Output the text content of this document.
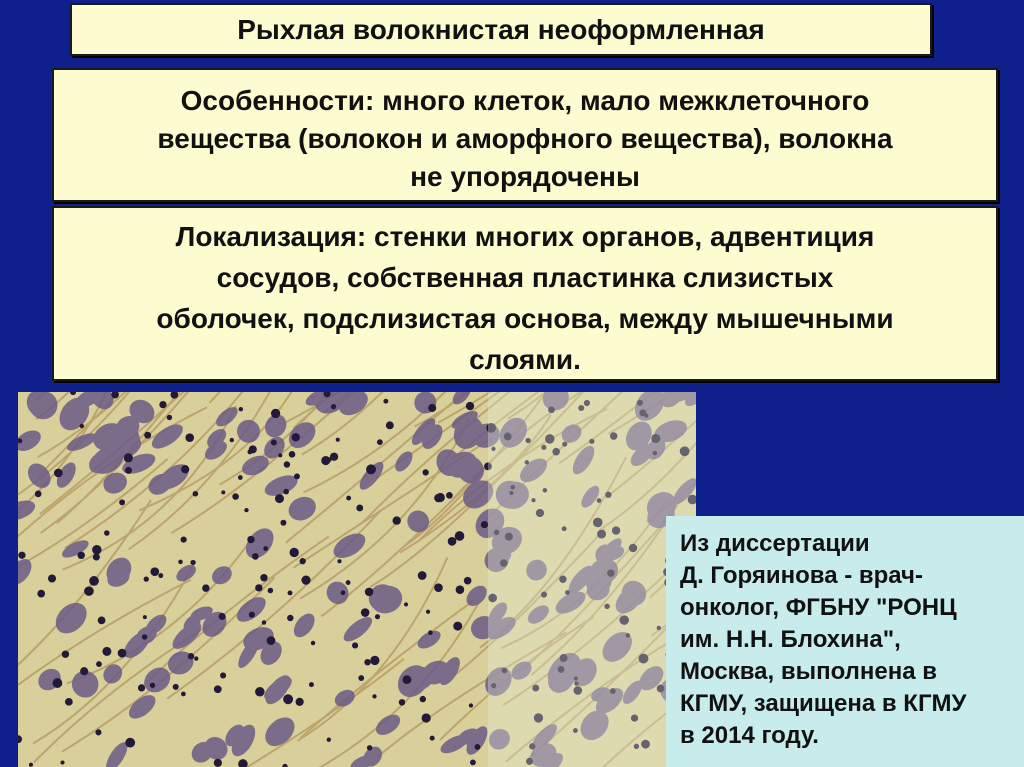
Рыхлая волокнистая неоформленная
Особенности: много клеток, мало межклеточного
вещества (волокон и аморфного вещества), волокна
не упорядочены
Локализация: стенки многих органов, адвентиция
сосудов, собственная пластинка слизистых
оболочек, подслизистая основа, между мышечными
слоями.
Из диссертации
Д. Горяинова - врач-
онколог, ФГБНУ "РОНЦ
им. Н.Н. Блохина",
Москва, выполнена в
КГМУ, защищена в КГМУ
в 2014 году.
